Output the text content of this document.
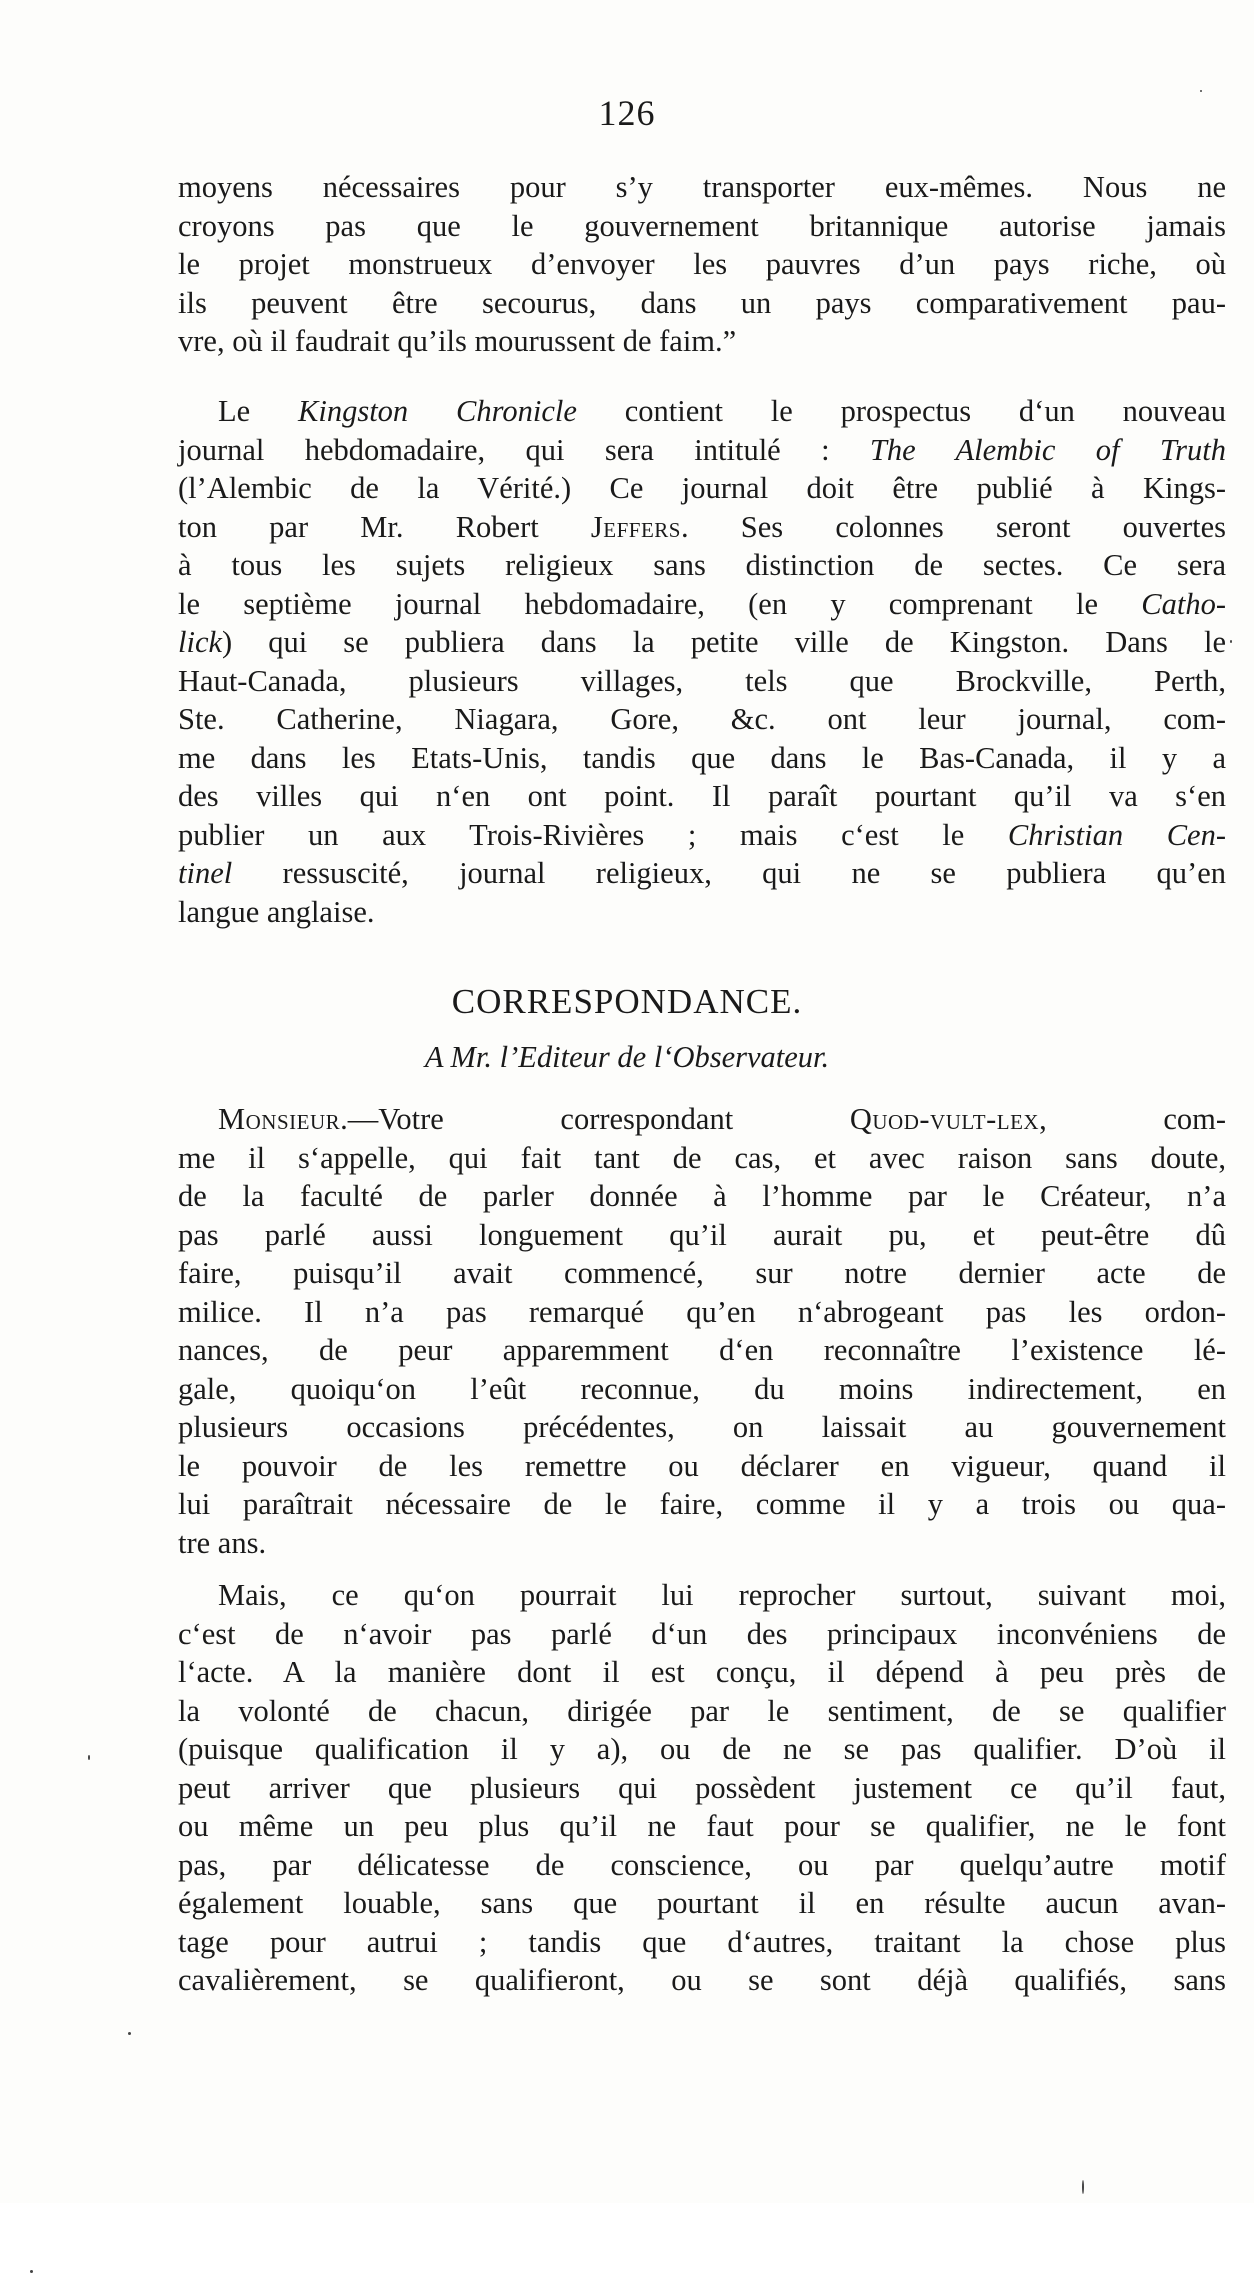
126
moyens nécessaires pour s’y transporter eux-mêmes. Nous ne
croyons pas que le gouvernement britannique autorise jamais
le projet monstrueux d’envoyer les pauvres d’un pays riche, où
ils peuvent être secourus, dans un pays comparativement pau-
vre, où il faudrait qu’ils mourussent de faim.”
Le Kingston Chronicle contient le prospectus d‘un nouveau
journal hebdomadaire, qui sera intitulé : The Alembic of Truth
(l’Alembic de la Vérité.) Ce journal doit être publié à Kings-
ton par Mr. Robert Jeffers. Ses colonnes seront ouvertes
à tous les sujets religieux sans distinction de sectes. Ce sera
le septième journal hebdomadaire, (en y comprenant le Catho-
lick) qui se publiera dans la petite ville de Kingston. Dans le
Haut-Canada, plusieurs villages, tels que Brockville, Perth,
Ste. Catherine, Niagara, Gore, &c. ont leur journal, com-
me dans les Etats-Unis, tandis que dans le Bas-Canada, il y a
des villes qui n‘en ont point. Il paraît pourtant qu’il va s‘en
publier un aux Trois-Rivières ; mais c‘est le Christian Cen-
tinel ressuscité, journal religieux, qui ne se publiera qu’en
langue anglaise.
CORRESPONDANCE.
A Mr. l’Editeur de l‘Observateur.
Monsieur.—Votre correspondant Quod-vult-lex, com-
me il s‘appelle, qui fait tant de cas, et avec raison sans doute,
de la faculté de parler donnée à l’homme par le Créateur, n’a
pas parlé aussi longuement qu’il aurait pu, et peut-être dû
faire, puisqu’il avait commencé, sur notre dernier acte de
milice. Il n’a pas remarqué qu’en n‘abrogeant pas les ordon-
nances, de peur apparemment d‘en reconnaître l’existence lé-
gale, quoiqu‘on l’eût reconnue, du moins indirectement, en
plusieurs occasions précédentes, on laissait au gouvernement
le pouvoir de les remettre ou déclarer en vigueur, quand il
lui paraîtrait nécessaire de le faire, comme il y a trois ou qua-
tre ans.
Mais, ce qu‘on pourrait lui reprocher surtout, suivant moi,
c‘est de n‘avoir pas parlé d‘un des principaux inconvéniens de
l‘acte. A la manière dont il est conçu, il dépend à peu près de
la volonté de chacun, dirigée par le sentiment, de se qualifier
(puisque qualification il y a), ou de ne se pas qualifier. D’où il
peut arriver que plusieurs qui possèdent justement ce qu’il faut,
ou même un peu plus qu’il ne faut pour se qualifier, ne le font
pas, par délicatesse de conscience, ou par quelqu’autre motif
également louable, sans que pourtant il en résulte aucun avan-
tage pour autrui ; tandis que d‘autres, traitant la chose plus
cavalièrement, se qualifieront, ou se sont déjà qualifiés, sans
